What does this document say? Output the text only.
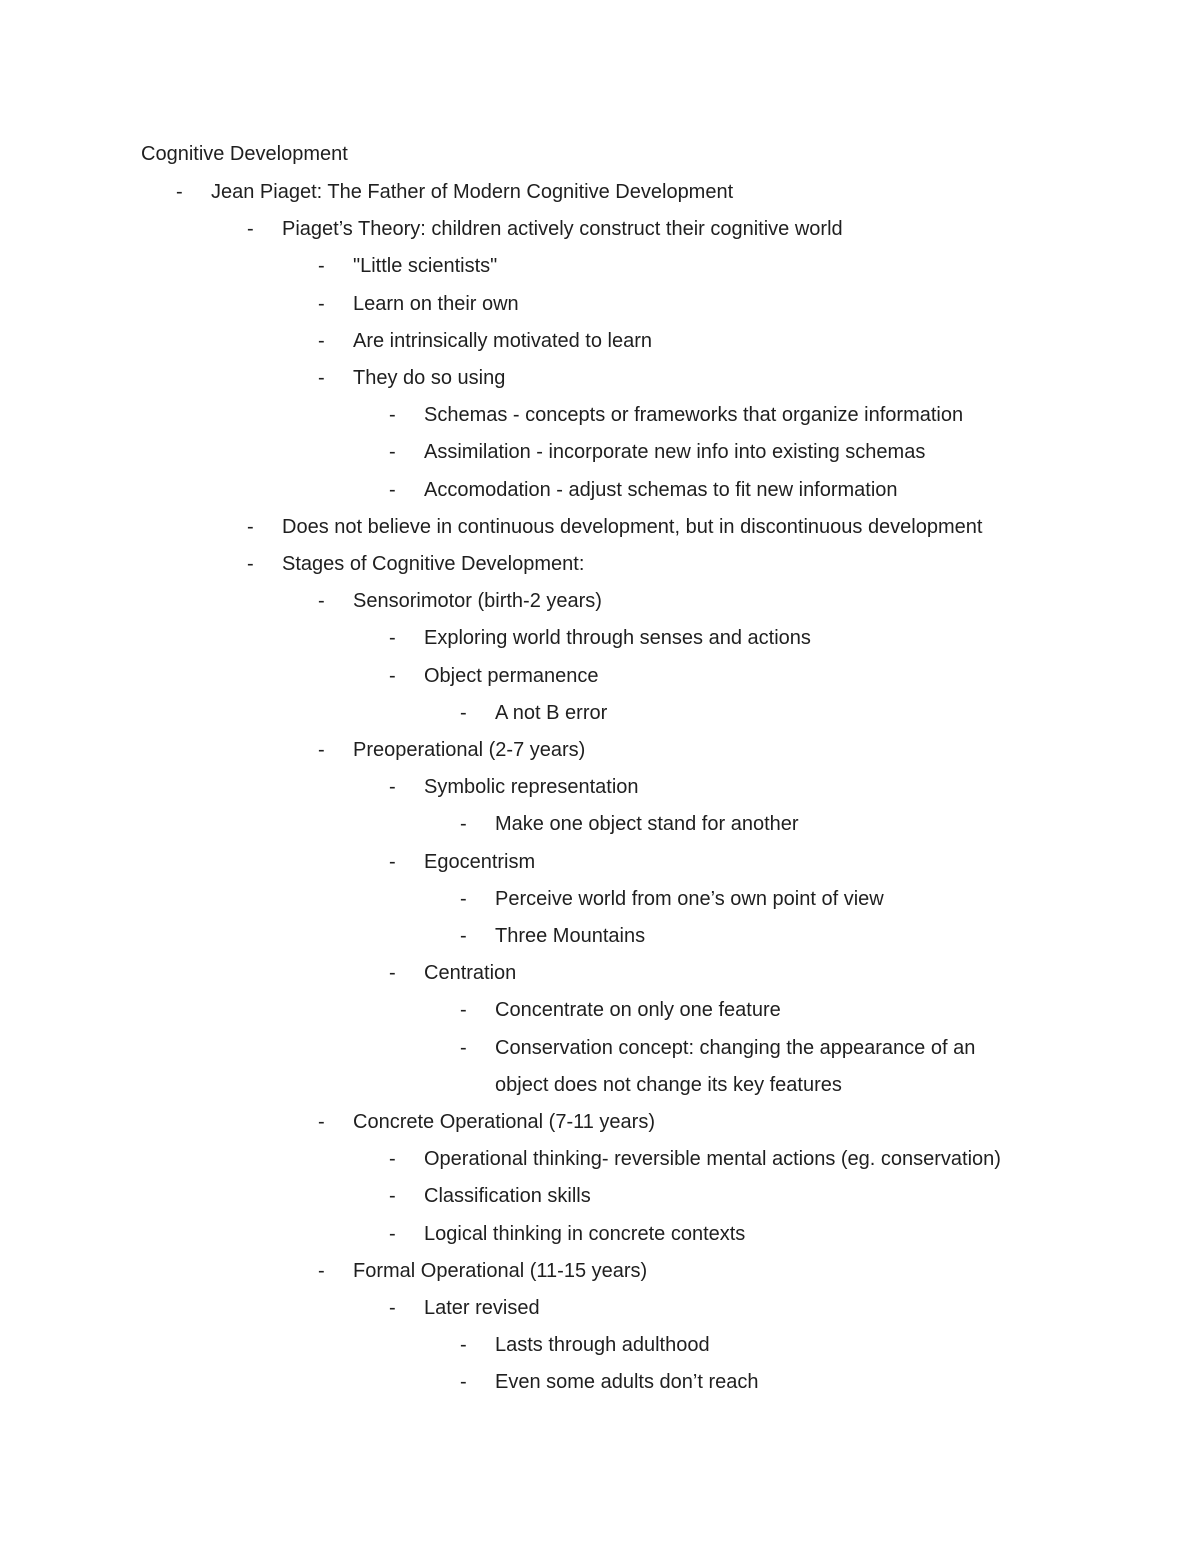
Cognitive Development
-	Jean Piaget: The Father of Modern Cognitive Development
-	Piaget’s Theory: children actively construct their cognitive world
-	"Little scientists"
-	Learn on their own
-	Are intrinsically motivated to learn
-	They do so using
-	Schemas - concepts or frameworks that organize information
-	Assimilation - incorporate new info into existing schemas
-	Accomodation - adjust schemas to fit new information
-	Does not believe in continuous development, but in discontinuous development
-	Stages of Cognitive Development:
-	Sensorimotor (birth-2 years)
-	Exploring world through senses and actions
-	Object permanence
-	A not B error
-	Preoperational (2-7 years)
-	Symbolic representation
-	Make one object stand for another
-	Egocentrism
-	Perceive world from one’s own point of view
-	Three Mountains
-	Centration
-	Concentrate on only one feature
-	Conservation concept: changing the appearance of an
object does not change its key features
-	Concrete Operational (7-11 years)
-	Operational thinking- reversible mental actions (eg. conservation)
-	Classification skills
-	Logical thinking in concrete contexts
-	Formal Operational (11-15 years)
-	Later revised
-	Lasts through adulthood
-	Even some adults don’t reach
